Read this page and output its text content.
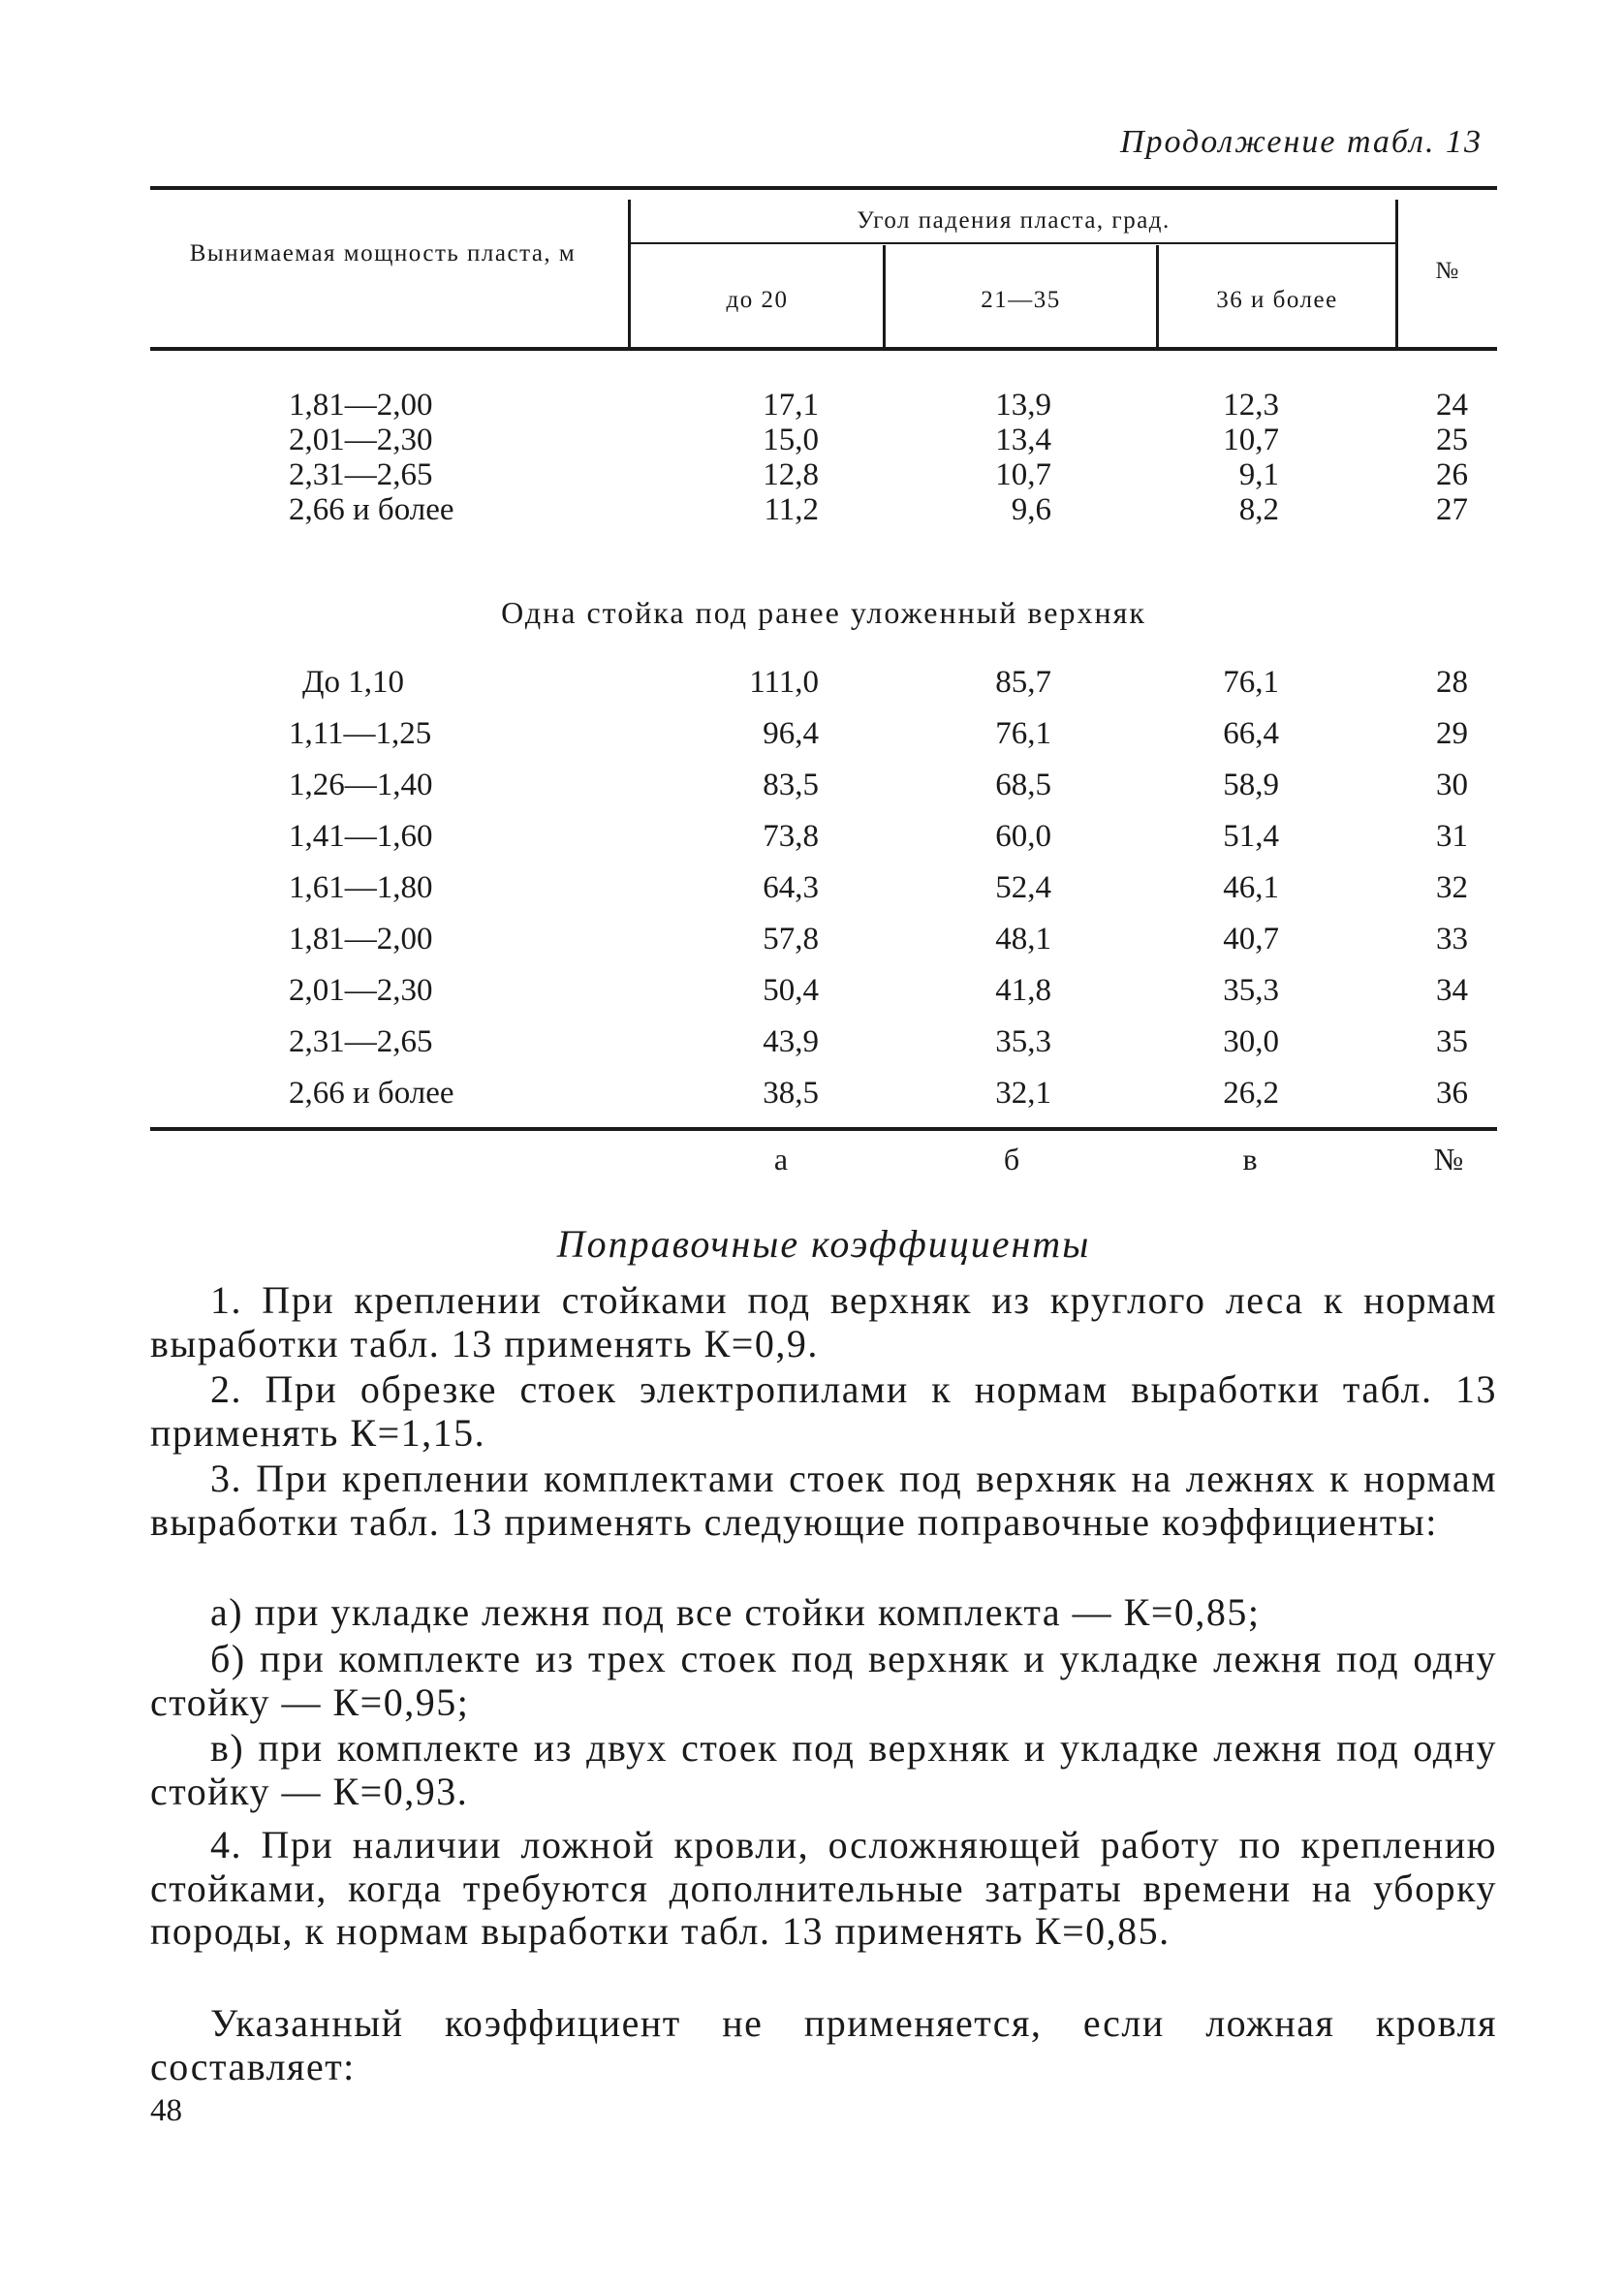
Продолжение табл. 13
Вынимаемая мощность пласта, м
Угол падения пласта, град.
до 20	21—35	36 и более
№
1,81—2,00	17,1	13,9	12,3	24
2,01—2,30	15,0	13,4	10,7	25
2,31—2,65	12,8	10,7	9,1	26
2,66 и более	11,2	9,6	8,2	27
Одна стойка под ранее уложенный верхняк
До 1,10	111,0	85,7	76,1	28
1,11—1,25	96,4	76,1	66,4	29
1,26—1,40	83,5	68,5	58,9	30
1,41—1,60	73,8	60,0	51,4	31
1,61—1,80	64,3	52,4	46,1	32
1,81—2,00	57,8	48,1	40,7	33
2,01—2,30	50,4	41,8	35,3	34
2,31—2,65	43,9	35,3	30,0	35
2,66 и более	38,5	32,1	26,2	36
а	б	в	№
Поправочные коэффициенты

1. При креплении стойками под верхняк из круглого леса к нормам выработки табл. 13 применять К=0,9.

2. При обрезке стоек электропилами к нормам выработки табл. 13 применять К=1,15.

3. При креплении комплектами стоек под верхняк на лежнях к нормам выработки табл. 13 применять следующие поправочные коэффициенты:

а) при укладке лежня под все стойки комплекта — К=0,85;

б) при комплекте из трех стоек под верхняк и укладке лежня под одну стойку — К=0,95;

в) при комплекте из двух стоек под верхняк и укладке лежня под одну стойку — К=0,93.

4. При наличии ложной кровли, осложняющей работу по креплению стойками, когда требуются дополнительные затраты времени на уборку породы, к нормам выработки табл. 13 применять К=0,85.

Указанный коэффициент не применяется, если ложная кровля составляет:

48
